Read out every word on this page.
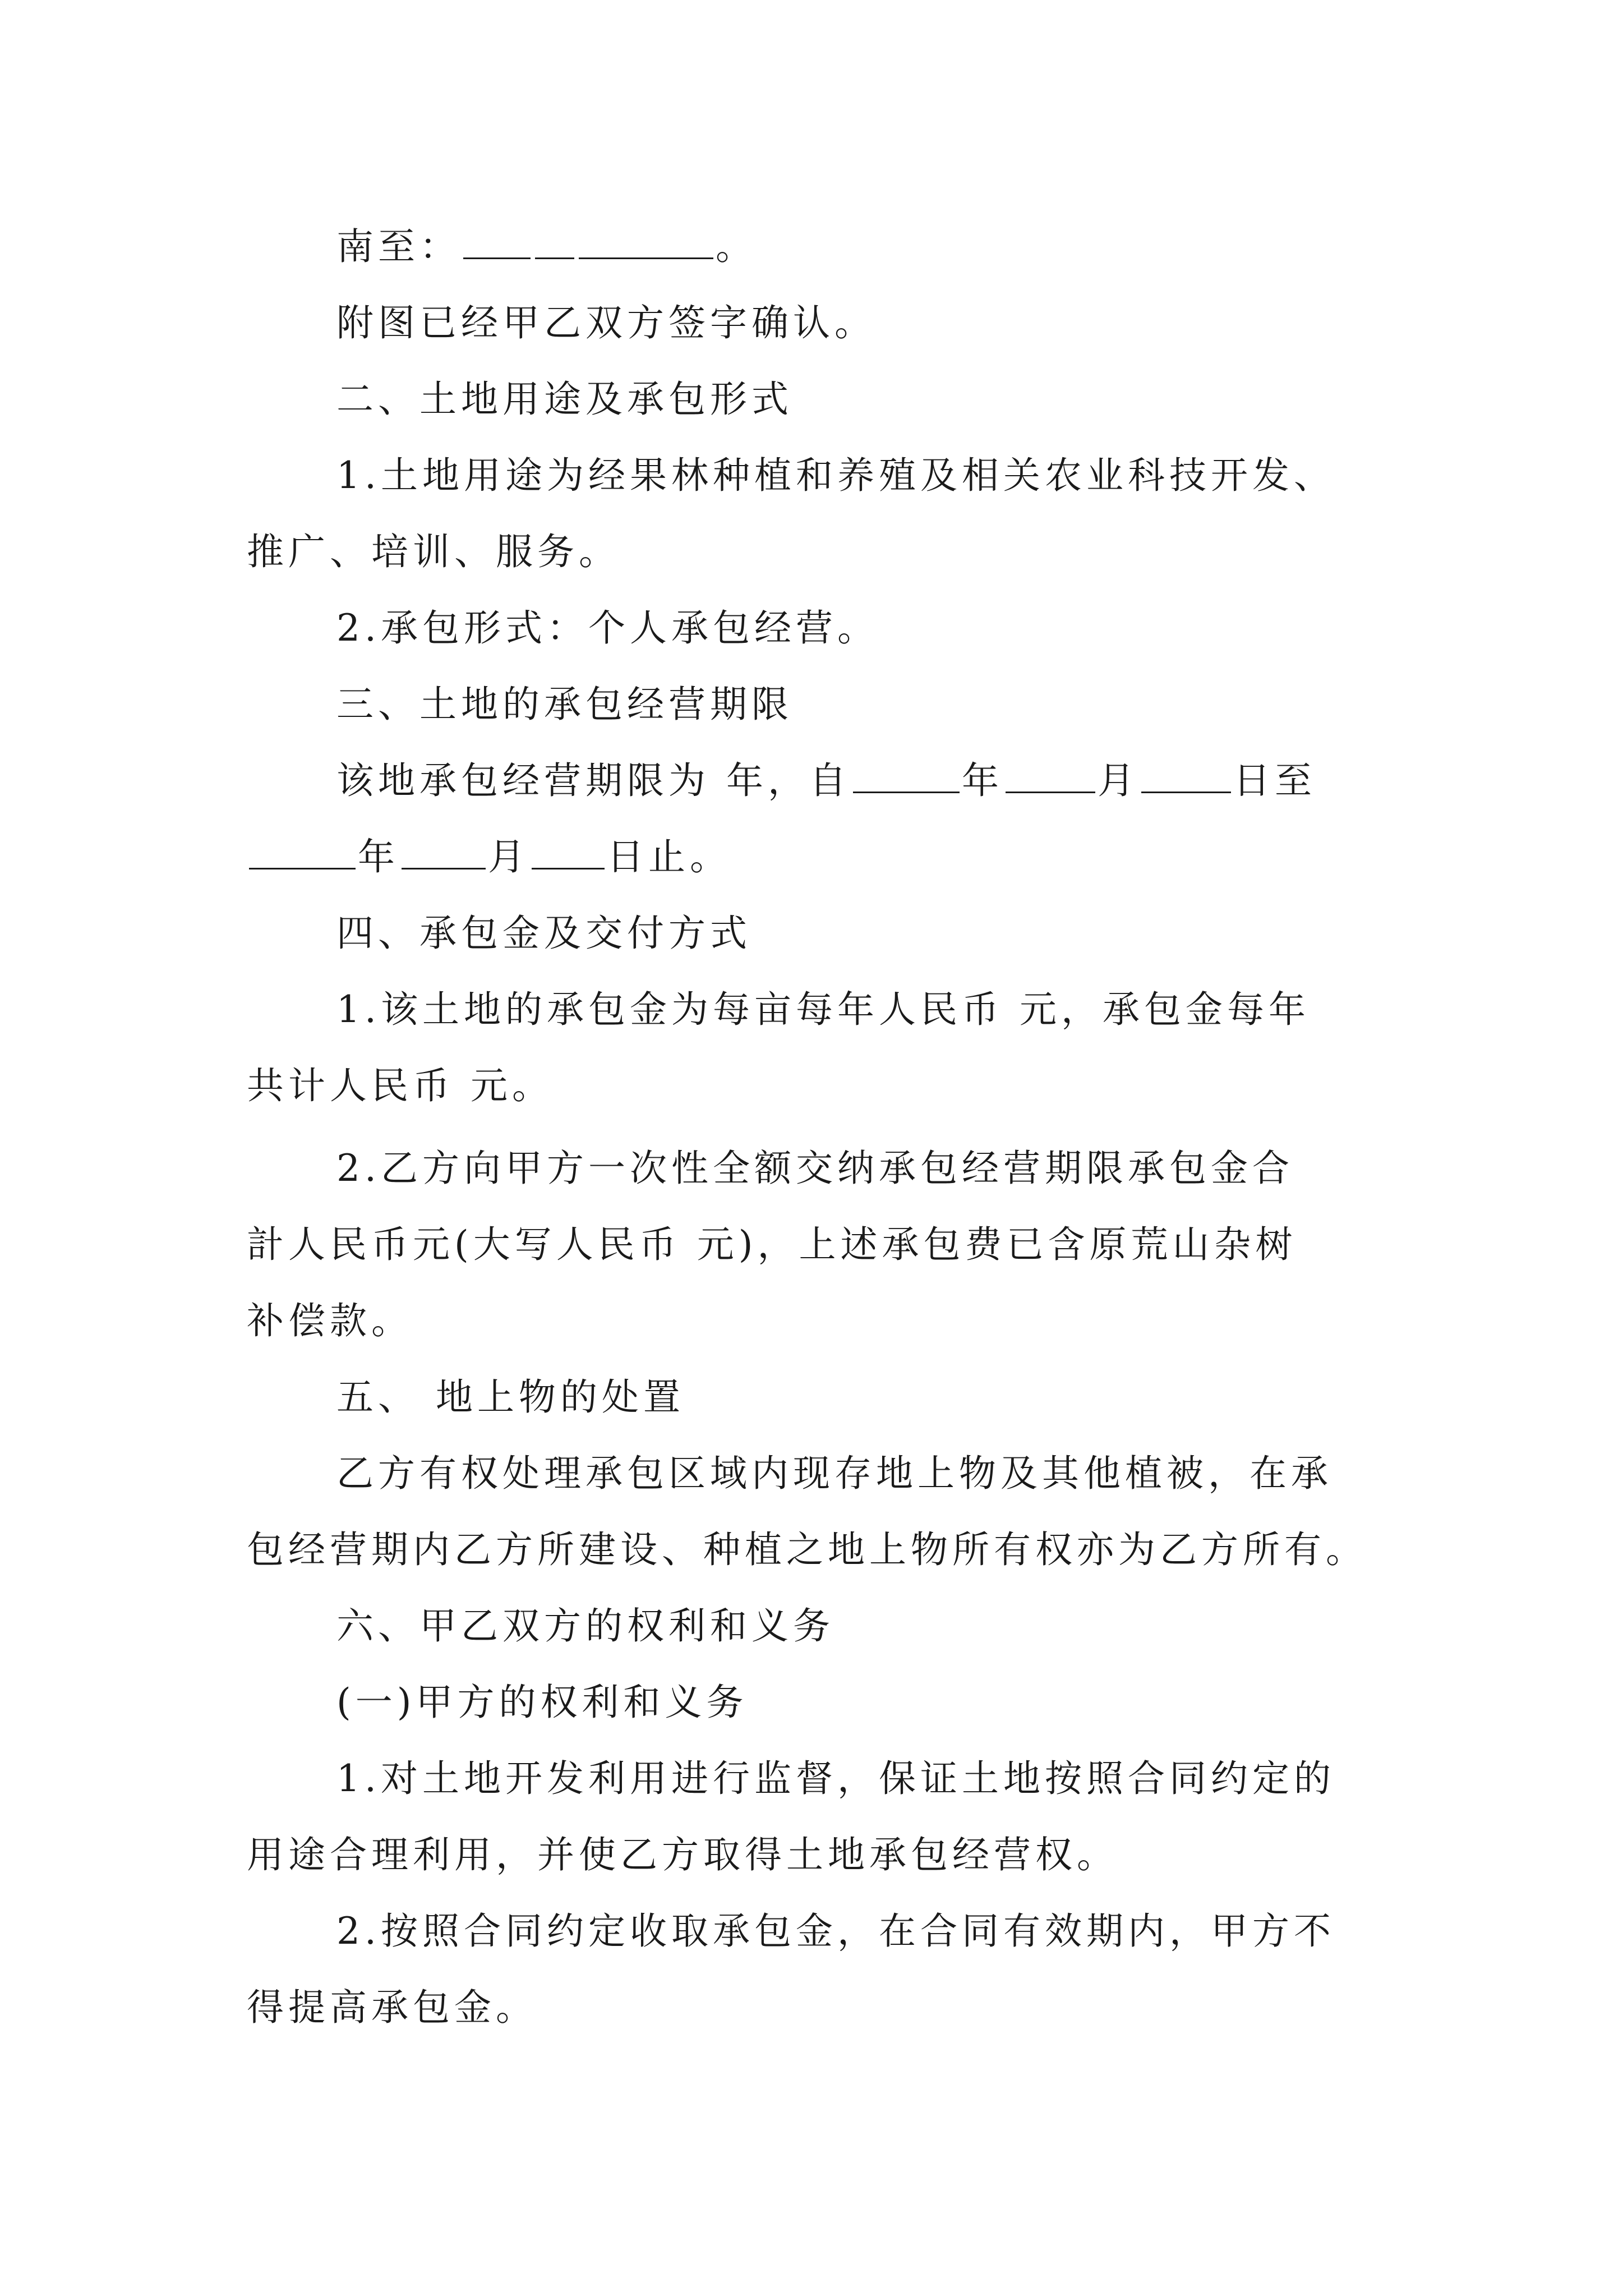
南至：	。
附图已经甲乙双方签字确认。
二、土地用途及承包形式
1.土地用途为经果林种植和养殖及相关农业科技开发、
推广、培训、服务。
2.承包形式：个人承包经营。
三、土地的承包经营期限
该地承包经营期限为 年，自	年	月	日至
年 月 日止。
四、承包金及交付方式
1.该土地的承包金为每亩每年人民币 元，承包金每年
共计人民币 元。
2.乙方向甲方一次性全额交纳承包经营期限承包金合
計人民币元(大写人民币 元)，上述承包费已含原荒山杂树
补偿款。
五、 地上物的处置
乙方有权处理承包区域内现存地上物及其他植被，在承
包经营期内乙方所建设、种植之地上物所有权亦为乙方所有。
六、甲乙双方的权利和义务
(一)甲方的权利和义务
1.对土地开发利用进行监督，保证土地按照合同约定的
用途合理利用，并使乙方取得土地承包经营权。
2.按照合同约定收取承包金，在合同有效期内，甲方不
得提高承包金。
